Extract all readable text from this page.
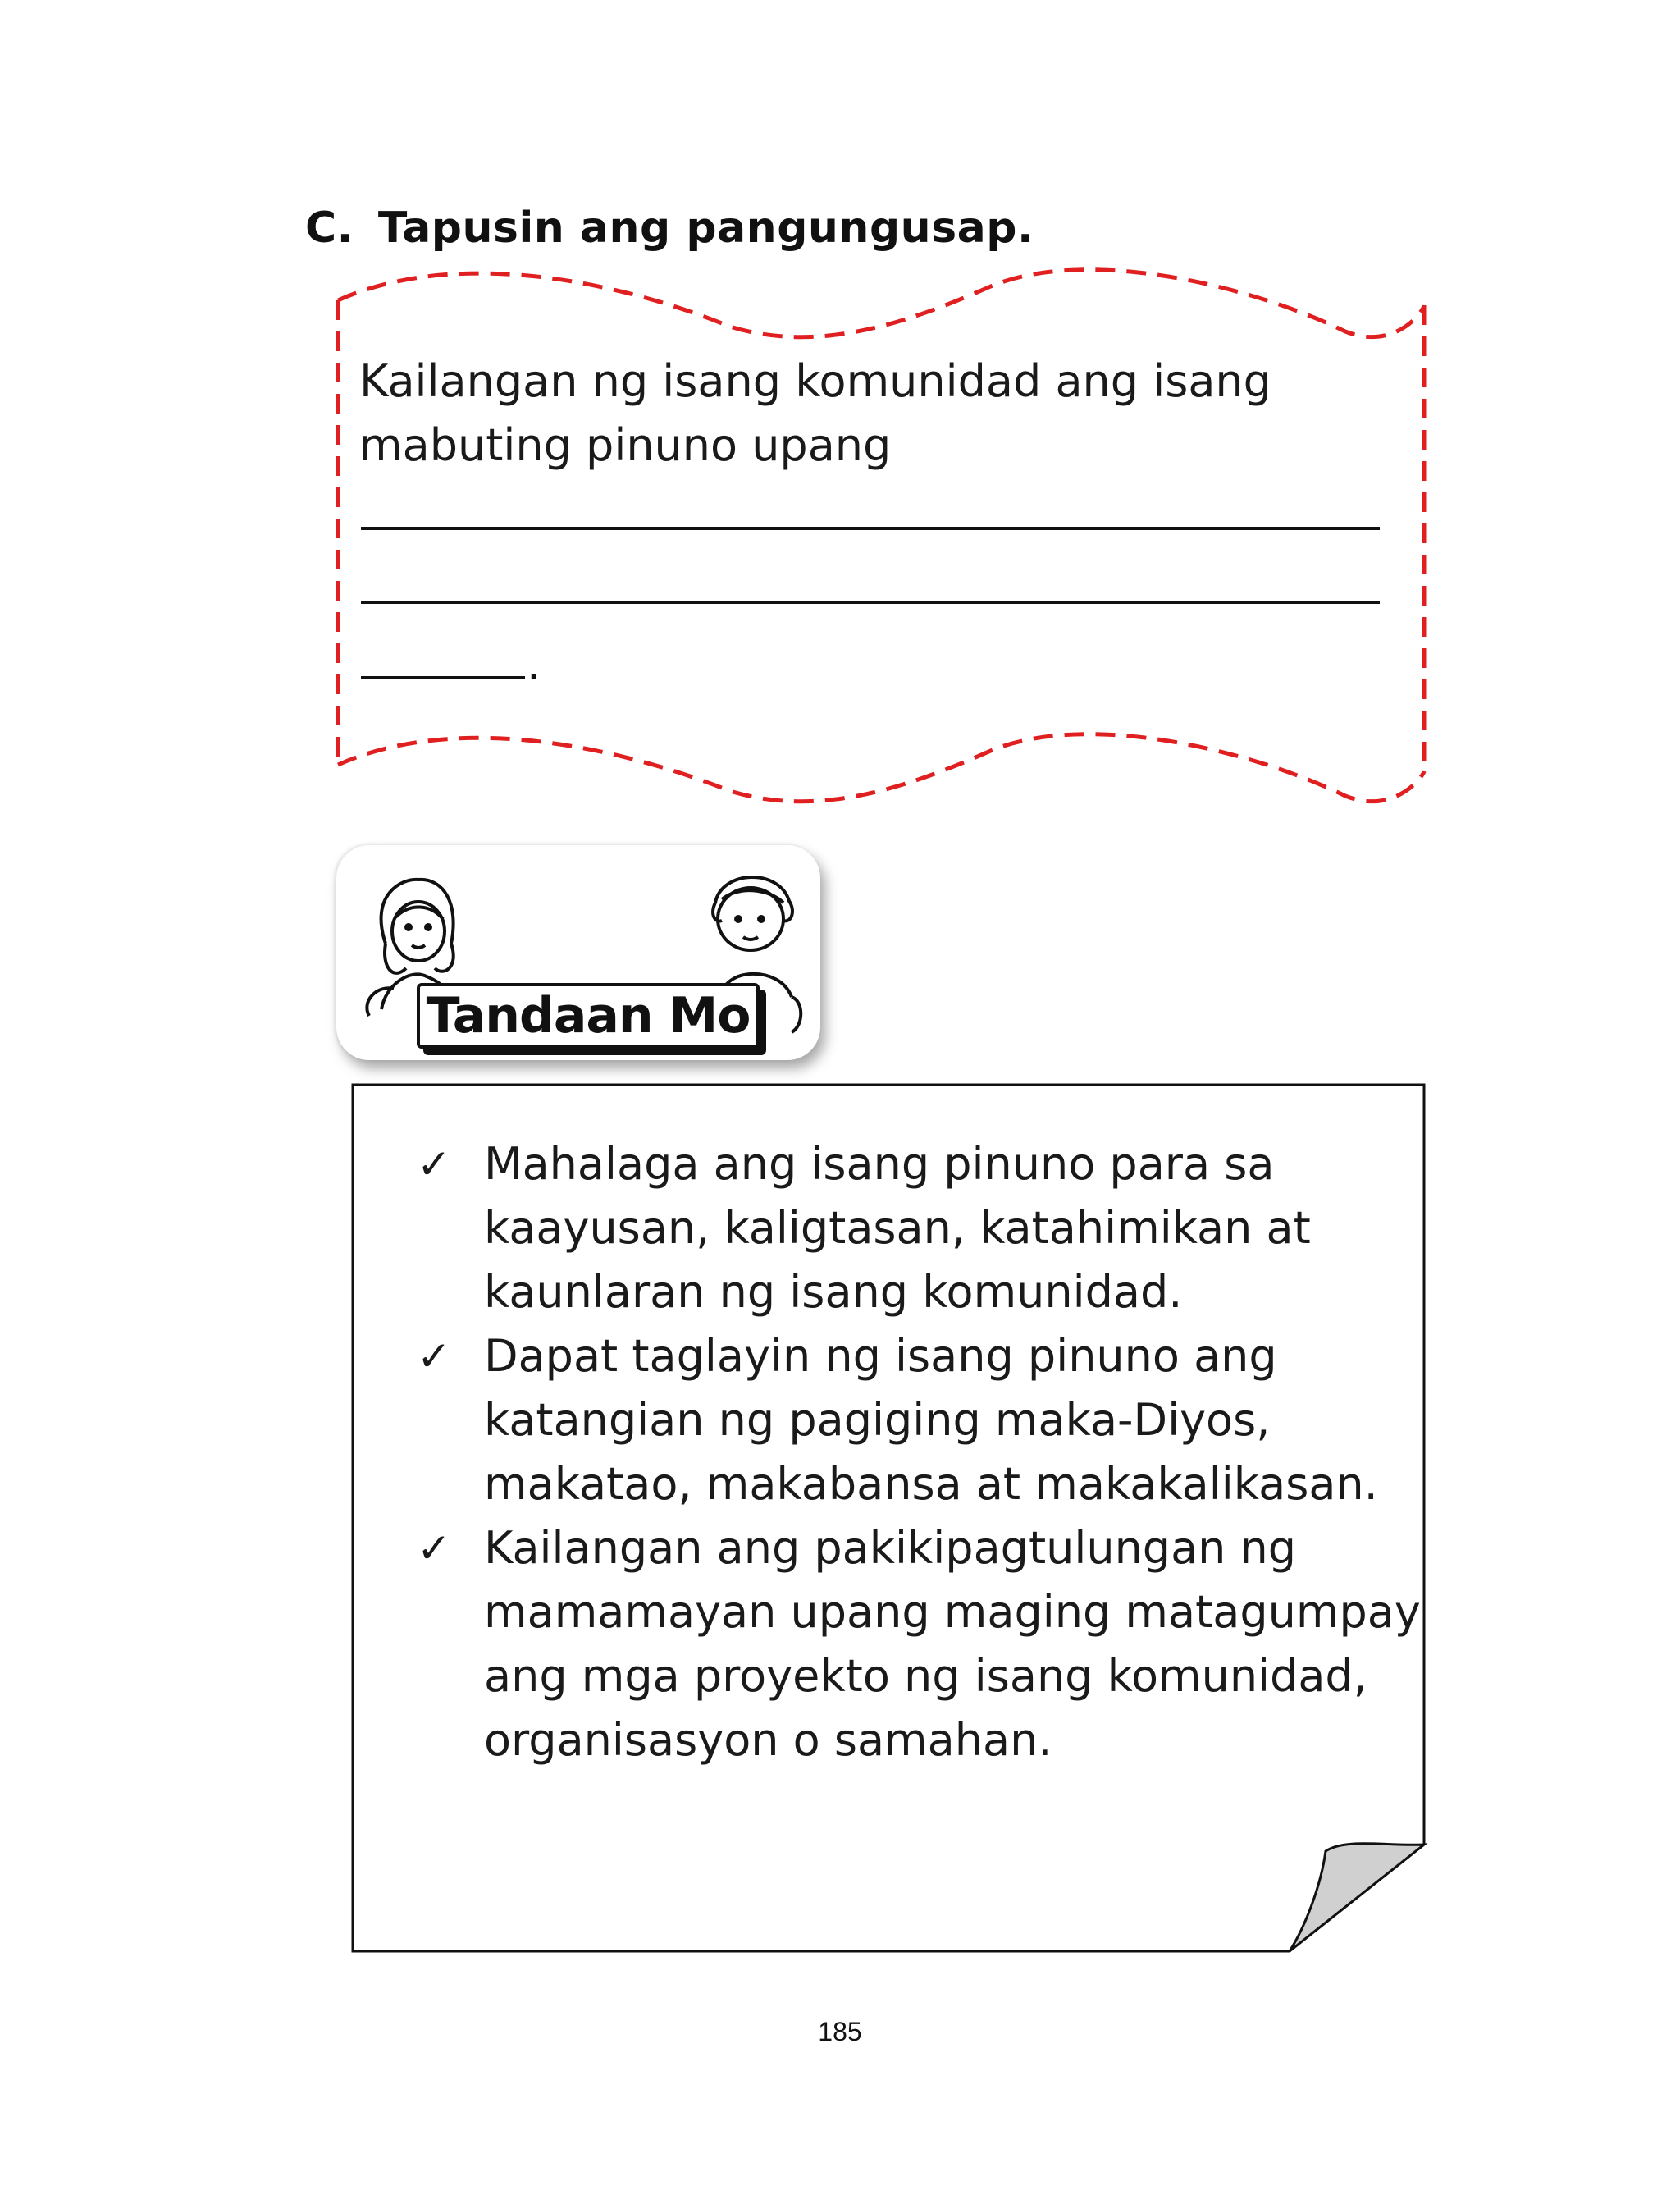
C. Tapusin ang pangungusap.
Kailangan ng isang komunidad ang isang mabuting pinuno upang
.
Tandaan Mo
✓ Mahalaga ang isang pinuno para sa kaayusan, kaligtasan, katahimikan at kaunlaran ng isang komunidad.
✓ Dapat taglayin ng isang pinuno ang katangian ng pagiging maka-Diyos, makatao, makabansa at makakalikasan.
✓ Kailangan ang pakikipagtulungan ng mamamayan upang maging matagumpay ang mga proyekto ng isang komunidad, organisasyon o samahan.
185
